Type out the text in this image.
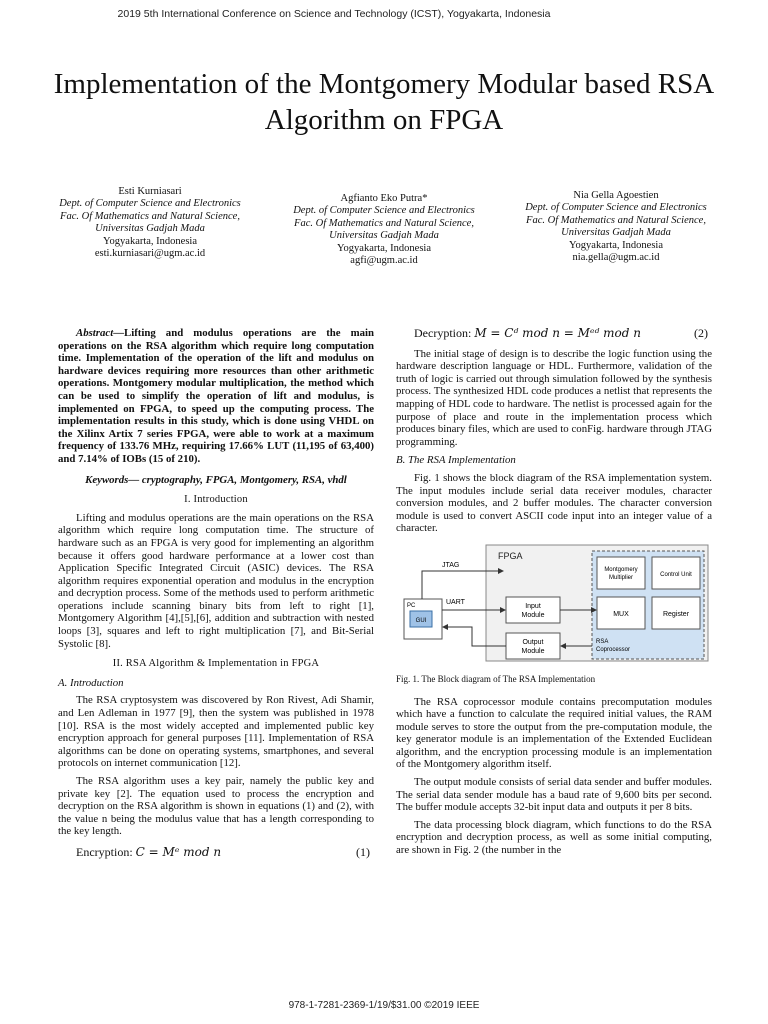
2019 5th International Conference on Science and Technology (ICST), Yogyakarta, Indonesia
Implementation of the Montgomery Modular based RSA Algorithm on FPGA
Esti Kurniasari
Dept. of Computer Science and Electronics
Fac. Of Mathematics and Natural Science, Universitas Gadjah Mada
Yogyakarta, Indonesia
esti.kurniasari@ugm.ac.id
Agfianto Eko Putra*
Dept. of Computer Science and Electronics
Fac. Of Mathematics and Natural Science, Universitas Gadjah Mada
Yogyakarta, Indonesia
agfi@ugm.ac.id
Nia Gella Agoestien
Dept. of Computer Science and Electronics
Fac. Of Mathematics and Natural Science, Universitas Gadjah Mada
Yogyakarta, Indonesia
nia.gella@ugm.ac.id

Abstract—Lifting and modulus operations are the main operations on the RSA algorithm which require long computation time. Implementation of the operation of the lift and modulus on hardware devices requiring more resources than other arithmetic operations. Montgomery modular multiplication, the method which can be used to simplify the operation of lift and modulus, is implemented on FPGA, to speed up the computing process. The implementation results in this study, which is done using VHDL on the Xilinx Artix 7 series FPGA, were able to work at a maximum frequency of 133.76 MHz, requiring 17.66% LUT (11,195 of 63,400) and 7.14% of IOBs (15 of 210).

Keywords— cryptography, FPGA, Montgomery, RSA, vhdl

I. Introduction

Lifting and modulus operations are the main operations on the RSA algorithm which require long computation time. The structure of hardware such as an FPGA is very good for implementing an algorithm because it offers good hardware performance at a lower cost than Application Specific Integrated Circuit (ASIC) devices. The RSA algorithm requires exponential operation and modulus in the encryption and decryption process. Some of the methods used to perform arithmetic operations include scanning binary bits from left to right [1], Montgomery Algorithm [4],[5],[6], addition and subtraction with nested loops [3], squares and left to right multiplication [7], and Bit-Serial Systolic [8].

II. RSA Algorithm & Implementation in FPGA

A. Introduction

The RSA cryptosystem was discovered by Ron Rivest, Adi Shamir, and Len Adleman in 1977 [9], then the system was published in 1978 [10]. RSA is the most widely accepted and implemented public key encryption approach for general purposes [11]. Implementation of RSA algorithms can be done on operating systems, smartphones, and several protocols on internet communication [12].

The RSA algorithm uses a key pair, namely the public key and private key [2]. The equation used to process the encryption and decryption on the RSA algorithm is shown in equations (1) and (2), with the value n being the modulus value that has a length corresponding to the key length.

Encryption: C = Mᵉ mod n	(1)
Decryption: M = Cᵈ mod n = Mᵉᵈ mod n	(2)

The initial stage of design is to describe the logic function using the hardware description language or HDL. Furthermore, validation of the truth of logic is carried out through simulation followed by the synthesis process. The synthesized HDL code produces a netlist that represents the mapping of HDL code to hardware. The netlist is processed again for the purpose of place and route in the implementation process which produces binary files, which are used to conFig. hardware through JTAG programming.

B. The RSA Implementation

Fig. 1 shows the block diagram of the RSA implementation system. The input modules include serial data receiver modules, character conversion modules, and 2 buffer modules. The character conversion module is used to convert ASCII code input into an integer value of a character.

FPGA
Montgomery
Multiplier	Control Unit
MUX	Register
RSA
Coprocessor
Input
Module
Output
Module
PC
GUI
JTAG
UART

Fig. 1. The Block diagram of The RSA Implementation

The RSA coprocessor module contains precomputation modules which have a function to calculate the required initial values, the RAM module serves to store the output from the pre-computation module, the key generator module is an implementation of the Extended Euclidean algorithm, and the encryption processing module is an implementation of the Montgomery algorithm itself.

The output module consists of serial data sender and buffer modules. The serial data sender module has a baud rate of 9,600 bits per second. The buffer module accepts 32-bit input data and outputs it per 8 bits.

The data processing block diagram, which functions to do the RSA encryption and decryption process, as well as some initial computing, are shown in Fig. 2 (the number in the

978-1-7281-2369-1/19/$31.00 ©2019 IEEE
